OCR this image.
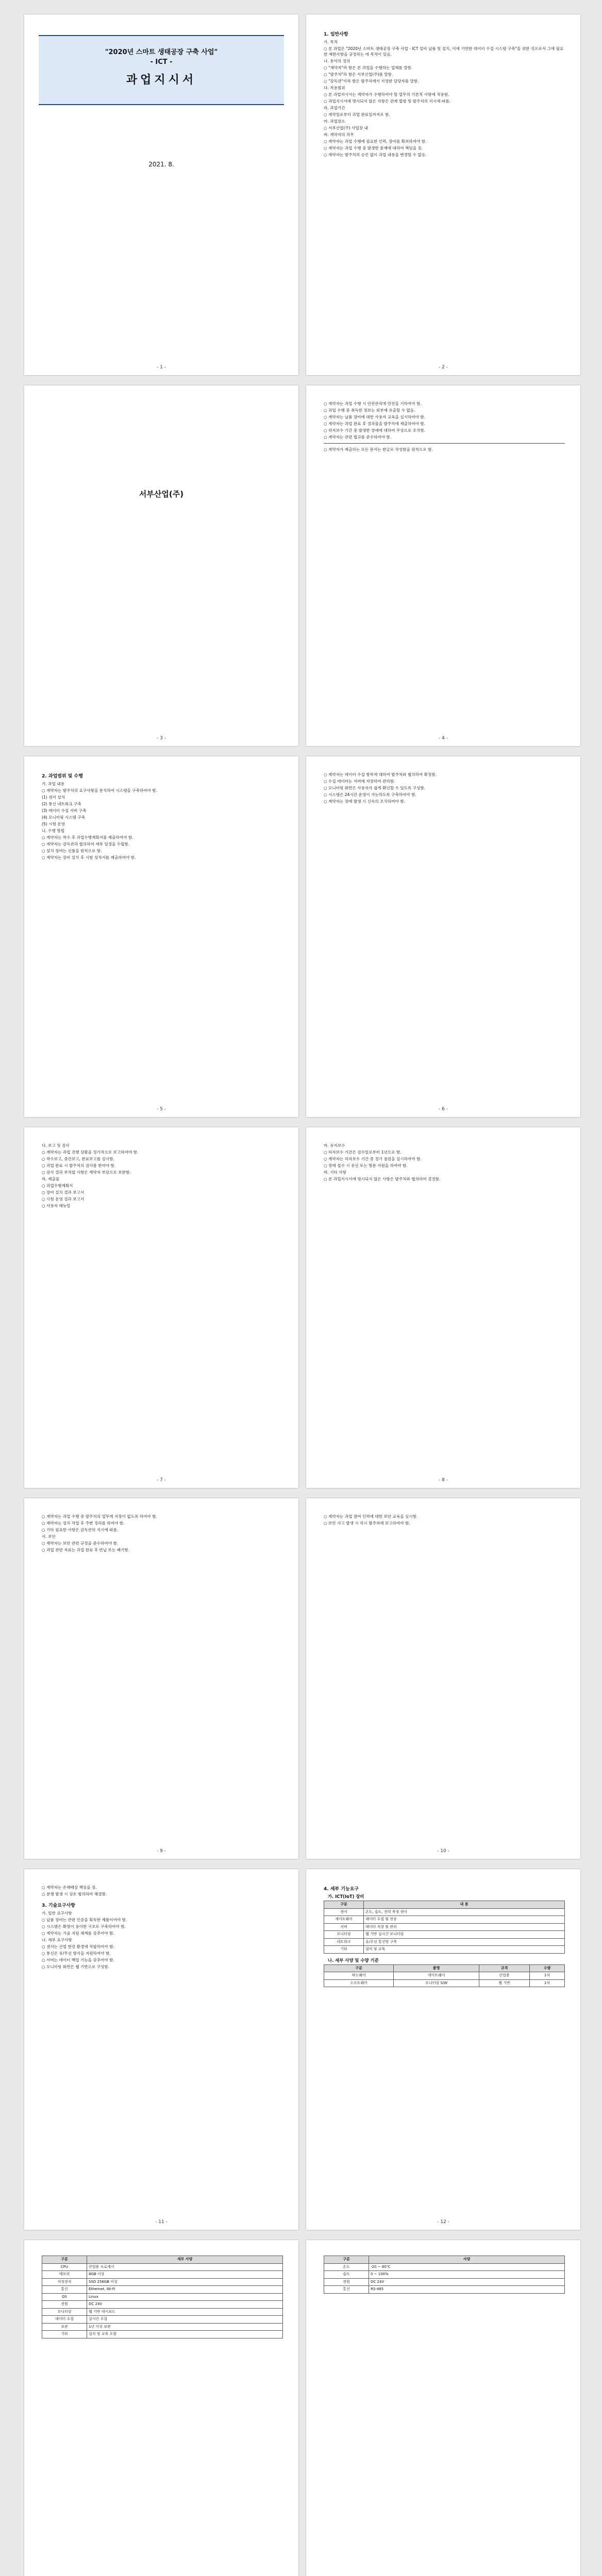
"2020년 스마트 생태공장 구축 사업"
- ICT -
과업지시서
2021. 8.
- 1 -
1. 일반사항

가. 목적

○ 본 과업은 "2020년 스마트 생태공장 구축 사업 - ICT 설비 납품 및 설치, 이에 기반한 데이터 수집 시스템 구축"을 위한 것으로서 그에 필요한 제반사항을 규정하는 데 목적이 있음.

나. 용어의 정의

○ "계약자"라 함은 본 과업을 수행하는 업체를 말함.

○ "발주처"라 함은 서부산업(주)를 말함.

○ "감독관"이라 함은 발주처에서 지정한 담당자를 말함.

다. 적용범위

○ 본 과업지시서는 계약자가 수행하여야 할 업무의 기본적 사항에 적용함.

○ 과업지시서에 명시되지 않은 사항은 관계 법령 및 발주처의 지시에 따름.

라. 과업기간

○ 계약일로부터 과업 완료일까지로 함.

마. 과업장소

○ 서부산업(주) 사업장 내

바. 계약자의 의무

○ 계약자는 과업 수행에 필요한 인력, 장비를 확보하여야 함.

○ 계약자는 과업 수행 중 발생한 문제에 대하여 책임을 짐.

○ 계약자는 발주처의 승인 없이 과업 내용을 변경할 수 없음.

- 2 -
서부산업(주)
- 3 -

○ 계약자는 과업 수행 시 안전관리에 만전을 기하여야 함.

○ 과업 수행 중 취득한 정보는 외부에 유출할 수 없음.

○ 계약자는 납품 장비에 대한 사용자 교육을 실시하여야 함.

○ 계약자는 과업 완료 후 결과물을 발주처에 제출하여야 함.

○ 하자보수 기간 중 발생한 장애에 대하여 무상으로 조치함.

○ 계약자는 관련 법규를 준수하여야 함.

○ 계약자가 제출하는 모든 문서는 한글로 작성함을 원칙으로 함.

- 4 -
2. 과업범위 및 수행

가. 과업 내용

○ 계약자는 발주처의 요구사항을 분석하여 시스템을 구축하여야 함.

(1) 센서 설치

(2) 통신 네트워크 구축

(3) 데이터 수집 서버 구축

(4) 모니터링 시스템 구축

(5) 시험 운영

나. 수행 방법

○ 계약자는 착수 후 과업수행계획서를 제출하여야 함.

○ 계약자는 감독관과 협의하여 세부 일정을 수립함.

○ 설치 장비는 신품을 원칙으로 함.

○ 계약자는 장비 설치 후 시험 성적서를 제출하여야 함.

- 5 -

○ 계약자는 데이터 수집 항목에 대하여 발주처와 협의하여 확정함.

○ 수집 데이터는 서버에 저장하여 관리함.

○ 모니터링 화면은 사용자가 쉽게 확인할 수 있도록 구성함.

○ 시스템은 24시간 운영이 가능하도록 구축하여야 함.

○ 계약자는 장애 발생 시 신속히 조치하여야 함.

- 6 -

다. 보고 및 검사

○ 계약자는 과업 진행 상황을 정기적으로 보고하여야 함.

○ 착수보고, 중간보고, 완료보고를 실시함.

○ 과업 완료 시 발주처의 검사를 받아야 함.

○ 검사 결과 부적합 사항은 계약자 부담으로 보완함.

라. 제출물

○ 과업수행계획서

○ 장비 설치 결과 보고서

○ 시험 운영 결과 보고서

○ 사용자 매뉴얼

- 7 -

마. 유지보수

○ 하자보수 기간은 검수일로부터 1년으로 함.

○ 계약자는 하자보수 기간 중 정기 점검을 실시하여야 함.

○ 장애 접수 시 유선 또는 방문 지원을 하여야 함.

바. 기타 사항

○ 본 과업지시서에 명시되지 않은 사항은 발주처와 협의하여 결정함.

- 8 -

○ 계약자는 과업 수행 중 발주처의 업무에 지장이 없도록 하여야 함.

○ 계약자는 설치 작업 후 주변 정리를 하여야 함.

○ 기타 필요한 사항은 감독관의 지시에 따름.

사. 보안

○ 계약자는 보안 관련 규정을 준수하여야 함.

○ 과업 관련 자료는 과업 완료 후 반납 또는 폐기함.

- 9 -

○ 계약자는 과업 참여 인력에 대한 보안 교육을 실시함.

○ 보안 사고 발생 시 즉시 발주처에 보고하여야 함.

- 10 -

○ 계약자는 손해배상 책임을 짐.

○ 분쟁 발생 시 상호 협의하여 해결함.

3. 기술요구사항

가. 일반 요구사항

○ 납품 장비는 관련 인증을 획득한 제품이어야 함.

○ 시스템은 확장이 용이한 구조로 구축하여야 함.

○ 계약자는 기술 지원 체계를 갖추어야 함.

나. 세부 요구사항

○ 센서는 산업 현장 환경에 적합하여야 함.

○ 통신은 유/무선 방식을 지원하여야 함.

○ 서버는 데이터 백업 기능을 갖추어야 함.

○ 모니터링 화면은 웹 기반으로 구성함.

- 11 -
4. 세부 기능요구
가. ICT(IoT) 장비
구분	내 용
센서	온도, 습도, 전력 측정 센서
게이트웨이	데이터 수집 및 전송
서버	데이터 저장 및 관리
모니터링	웹 기반 실시간 모니터링
네트워크	유/무선 통신망 구축
기타	설치 및 교육
나. 세부 사양 및 수량 기준
구분	품명	규격	수량
하드웨어	게이트웨이	산업용	1식
소프트웨어	모니터링 S/W	웹 기반	1식
- 12 -
구분	세부 사양
CPU	산업용 프로세서
메모리	8GB 이상
저장장치	SSD 256GB 이상
통신	Ethernet, Wi-Fi
OS	Linux
전원	DC 24V
모니터링	웹 기반 대시보드
데이터 수집	실시간 수집
보관	1년 이상 보관
기타	설치 및 교육 포함
구분	사양
온도	-20 ~ 80℃
습도	0 ~ 100%
전원	DC 24V
통신	RS-485
